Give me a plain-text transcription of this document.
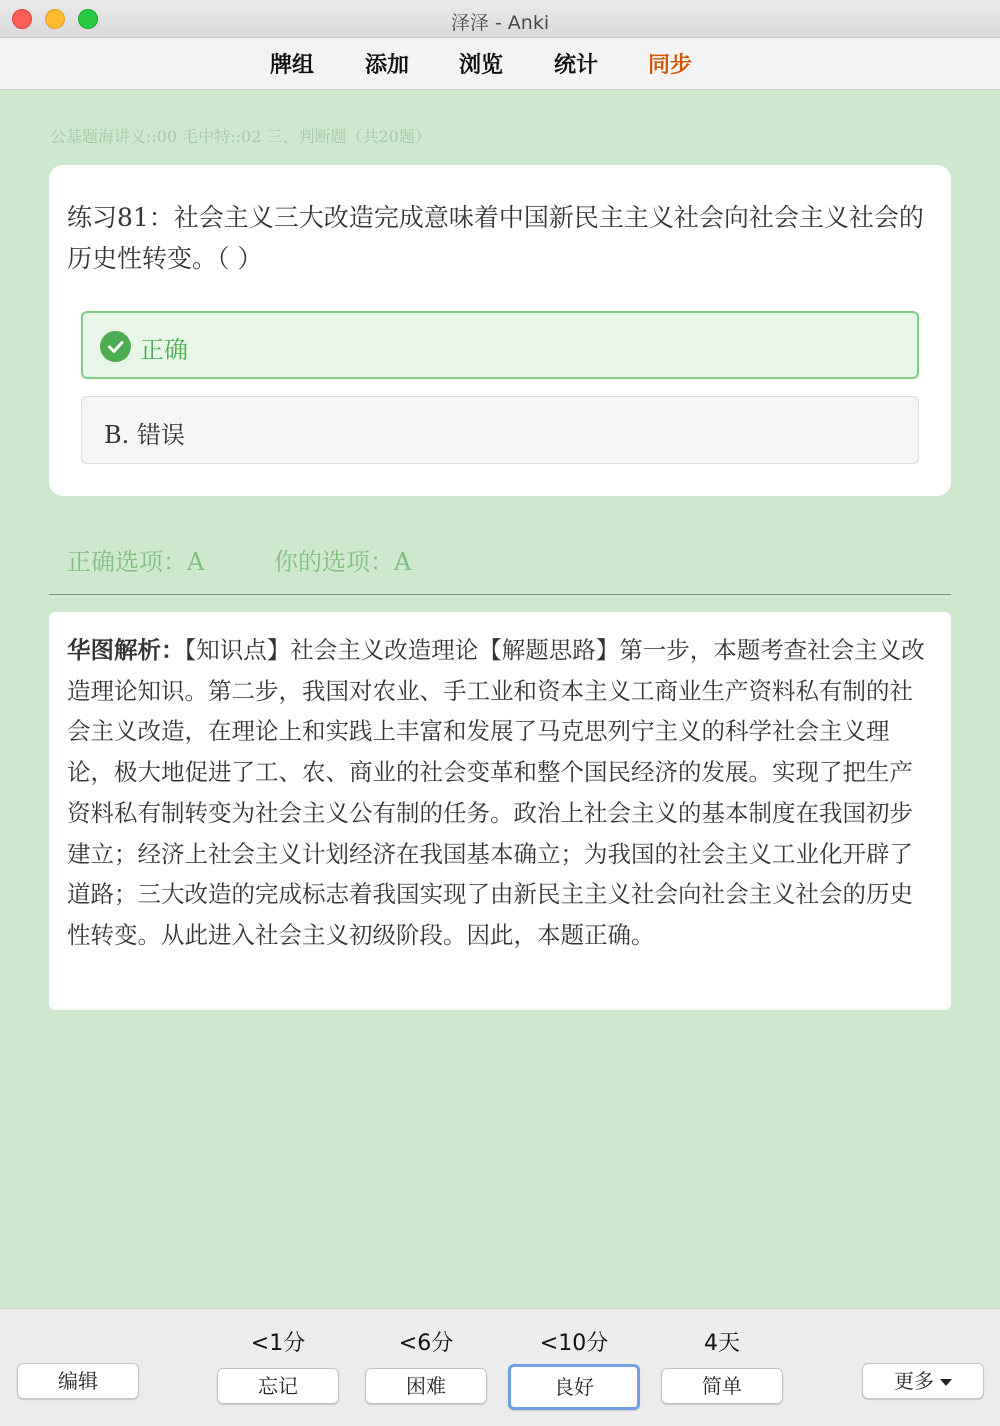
泽泽 - Anki
牌组 添加 浏览 统计 同步
公基题海讲义::00 毛中特::02 三、判断题（共20题）
练习81：社会主义三大改造完成意味着中国新民主主义社会向社会主义社会的历史性转变。（ ）
正确
B. 错误
正确选项：A	你的选项：A
华图解析：【知识点】社会主义改造理论【解题思路】第一步，本题考查社会主义改造理论知识。第二步，我国对农业、手工业和资本主义工商业生产资料私有制的社会主义改造，在理论上和实践上丰富和发展了马克思列宁主义的科学社会主义理论，极大地促进了工、农、商业的社会变革和整个国民经济的发展。实现了把生产资料私有制转变为社会主义公有制的任务。政治上社会主义的基本制度在我国初步建立；经济上社会主义计划经济在我国基本确立；为我国的社会主义工业化开辟了道路；三大改造的完成标志着我国实现了由新民主主义社会向社会主义社会的历史性转变。从此进入社会主义初级阶段。因此，本题正确。
编辑
<1分	<6分	<10分	4天
忘记	困难	良好	简单	更多
